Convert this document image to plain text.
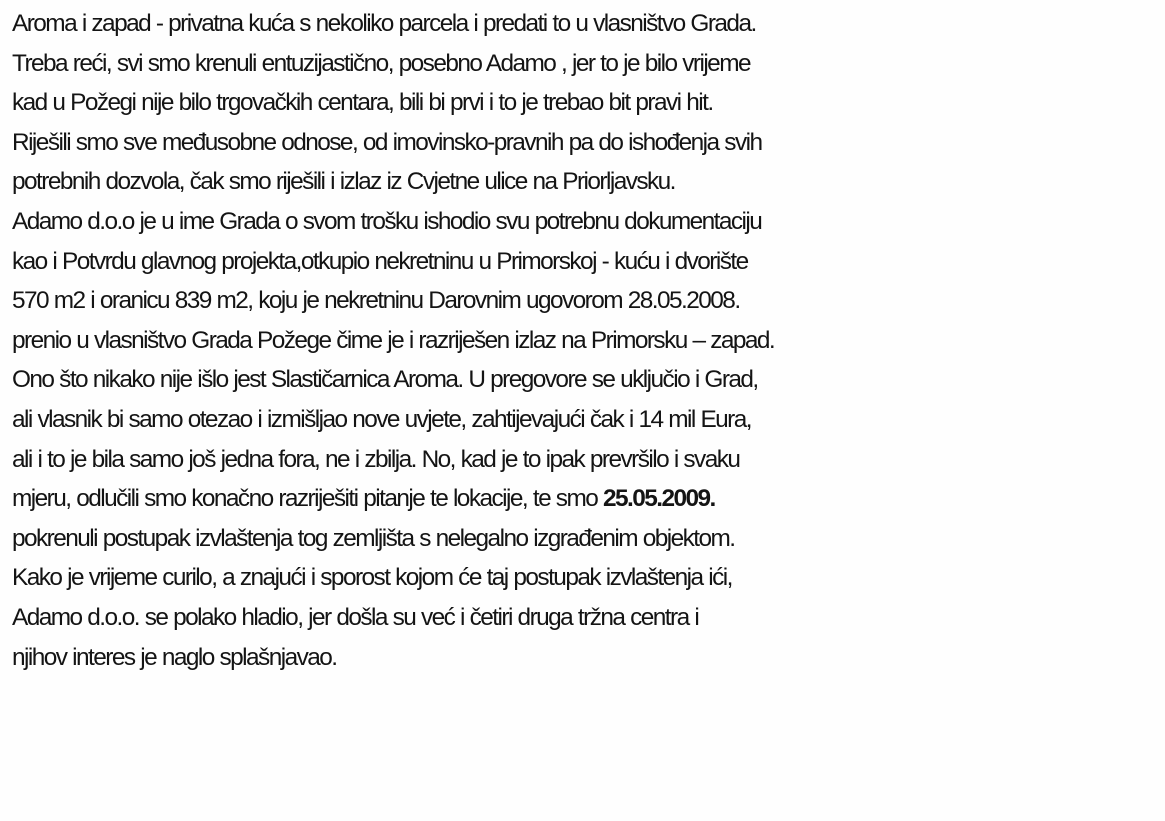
Aroma i zapad - privatna kuća s nekoliko parcela i predati to u vlasništvo Grada.
Treba reći, svi smo krenuli entuzijastično, posebno Adamo , jer to je bilo vrijeme
kad u Požegi nije bilo trgovačkih centara, bili bi prvi i to je trebao bit pravi hit.
Riješili smo sve međusobne odnose, od imovinsko-pravnih pa do ishođenja svih
potrebnih dozvola, čak smo riješili i izlaz iz Cvjetne ulice na Priorljavsku.
Adamo d.o.o je u ime Grada o svom trošku ishodio svu potrebnu dokumentaciju
kao i Potvrdu glavnog projekta,otkupio nekretninu u Primorskoj - kuću i dvorište
570 m2 i oranicu 839 m2, koju je nekretninu Darovnim ugovorom 28.05.2008.
prenio u vlasništvo Grada Požege čime je i razriješen izlaz na Primorsku – zapad.
Ono što nikako nije išlo jest Slastičarnica Aroma. U pregovore se uključio i Grad,
ali vlasnik bi samo otezao i izmišljao nove uvjete, zahtijevajući čak i 14 mil Eura,
ali i to je bila samo još jedna fora, ne i zbilja. No, kad je to ipak prevršilo i svaku
mjeru, odlučili smo konačno razriješiti pitanje te lokacije, te smo 25.05.2009.
pokrenuli postupak izvlaštenja tog zemljišta s nelegalno izgrađenim objektom.
Kako je vrijeme curilo, a znajući i sporost kojom će taj postupak izvlaštenja ići,
Adamo d.o.o. se polako hladio, jer došla su već i četiri druga tržna centra i
njihov interes je naglo splašnjavao.
